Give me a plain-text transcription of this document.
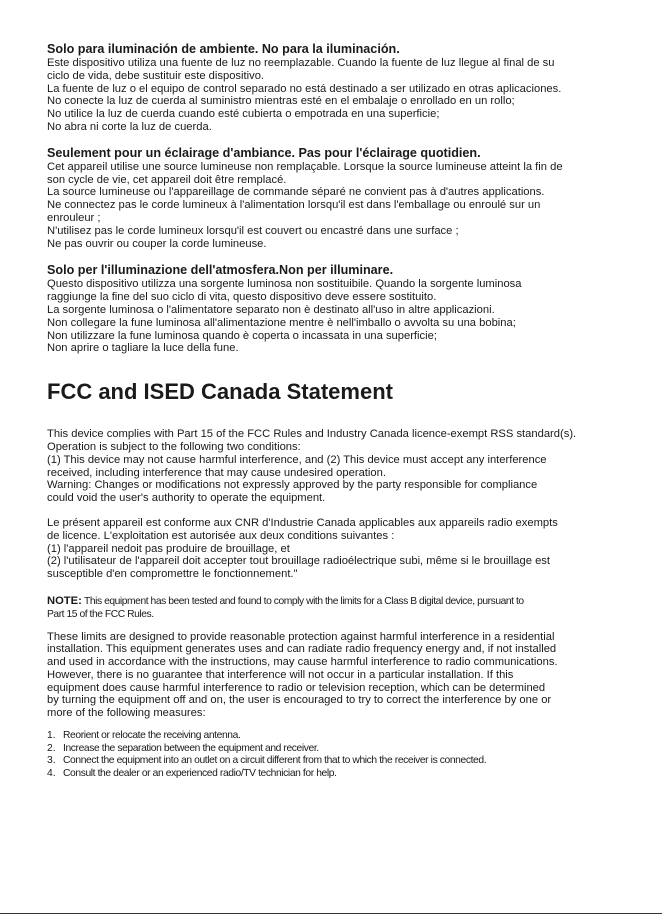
Solo para iluminación de ambiente. No para la iluminación.
Este dispositivo utiliza una fuente de luz no reemplazable. Cuando la fuente de luz llegue al final de su
ciclo de vida, debe sustituir este dispositivo.
La fuente de luz o el equipo de control separado no está destinado a ser utilizado en otras aplicaciones.
No conecte la luz de cuerda al suministro mientras esté en el embalaje o enrollado en un rollo;
No utilice la luz de cuerda cuando esté cubierta o empotrada en una superficie;
No abra ni corte la luz de cuerda.
Seulement pour un éclairage d'ambiance. Pas pour l'éclairage quotidien.
Cet appareil utilise une source lumineuse non remplaçable. Lorsque la source lumineuse atteint la fin de
son cycle de vie, cet appareil doit être remplacé.
La source lumineuse ou l'appareillage de commande séparé ne convient pas à d'autres applications.
Ne connectez pas le corde lumineux à l'alimentation lorsqu'il est dans l'emballage ou enroulé sur un
enrouleur ;
N'utilisez pas le corde lumineux lorsqu'il est couvert ou encastré dans une surface ;
Ne pas ouvrir ou couper la corde lumineuse.
Solo per l'illuminazione dell'atmosfera.Non per illuminare.
Questo dispositivo utilizza una sorgente luminosa non sostituibile. Quando la sorgente luminosa
raggiunge la fine del suo ciclo di vita, questo dispositivo deve essere sostituito.
La sorgente luminosa o l'alimentatore separato non è destinato all'uso in altre applicazioni.
Non collegare la fune luminosa all'alimentazione mentre è nell'imballo o avvolta su una bobina;
Non utilizzare la fune luminosa quando è coperta o incassata in una superficie;
Non aprire o tagliare la luce della fune.
FCC and ISED Canada Statement
This device complies with Part 15 of the FCC Rules and Industry Canada licence-exempt RSS standard(s).
Operation is subject to the following two conditions:
(1) This device may not cause harmful interference, and (2) This device must accept any interference
received, including interference that may cause undesired operation.
Warning: Changes or modifications not expressly approved by the party responsible for compliance
could void the user's authority to operate the equipment.
Le présent appareil est conforme aux CNR d'Industrie Canada applicables aux appareils radio exempts
de licence. L'exploitation est autorisée aux deux conditions suivantes :
(1) l'appareil nedoit pas produire de brouillage, et
(2) l'utilisateur de l'appareil doit accepter tout brouillage radioélectrique subi, même si le brouillage est
susceptible d'en compromettre le fonctionnement."
NOTE: This equipment has been tested and found to comply with the limits for a Class B digital device, pursuant to
Part 15 of the FCC Rules.
These limits are designed to provide reasonable protection against harmful interference in a residential
installation. This equipment generates uses and can radiate radio frequency energy and, if not installed
and used in accordance with the instructions, may cause harmful interference to radio communications.
However, there is no guarantee that interference will not occur in a particular installation. If this
equipment does cause harmful interference to radio or television reception, which can be determined
by turning the equipment off and on, the user is encouraged to try to correct the interference by one or
more of the following measures:
1. Reorient or relocate the receiving antenna.
2. Increase the separation between the equipment and receiver.
3. Connect the equipment into an outlet on a circuit different from that to which the receiver is connected.
4. Consult the dealer or an experienced radio/TV technician for help.
